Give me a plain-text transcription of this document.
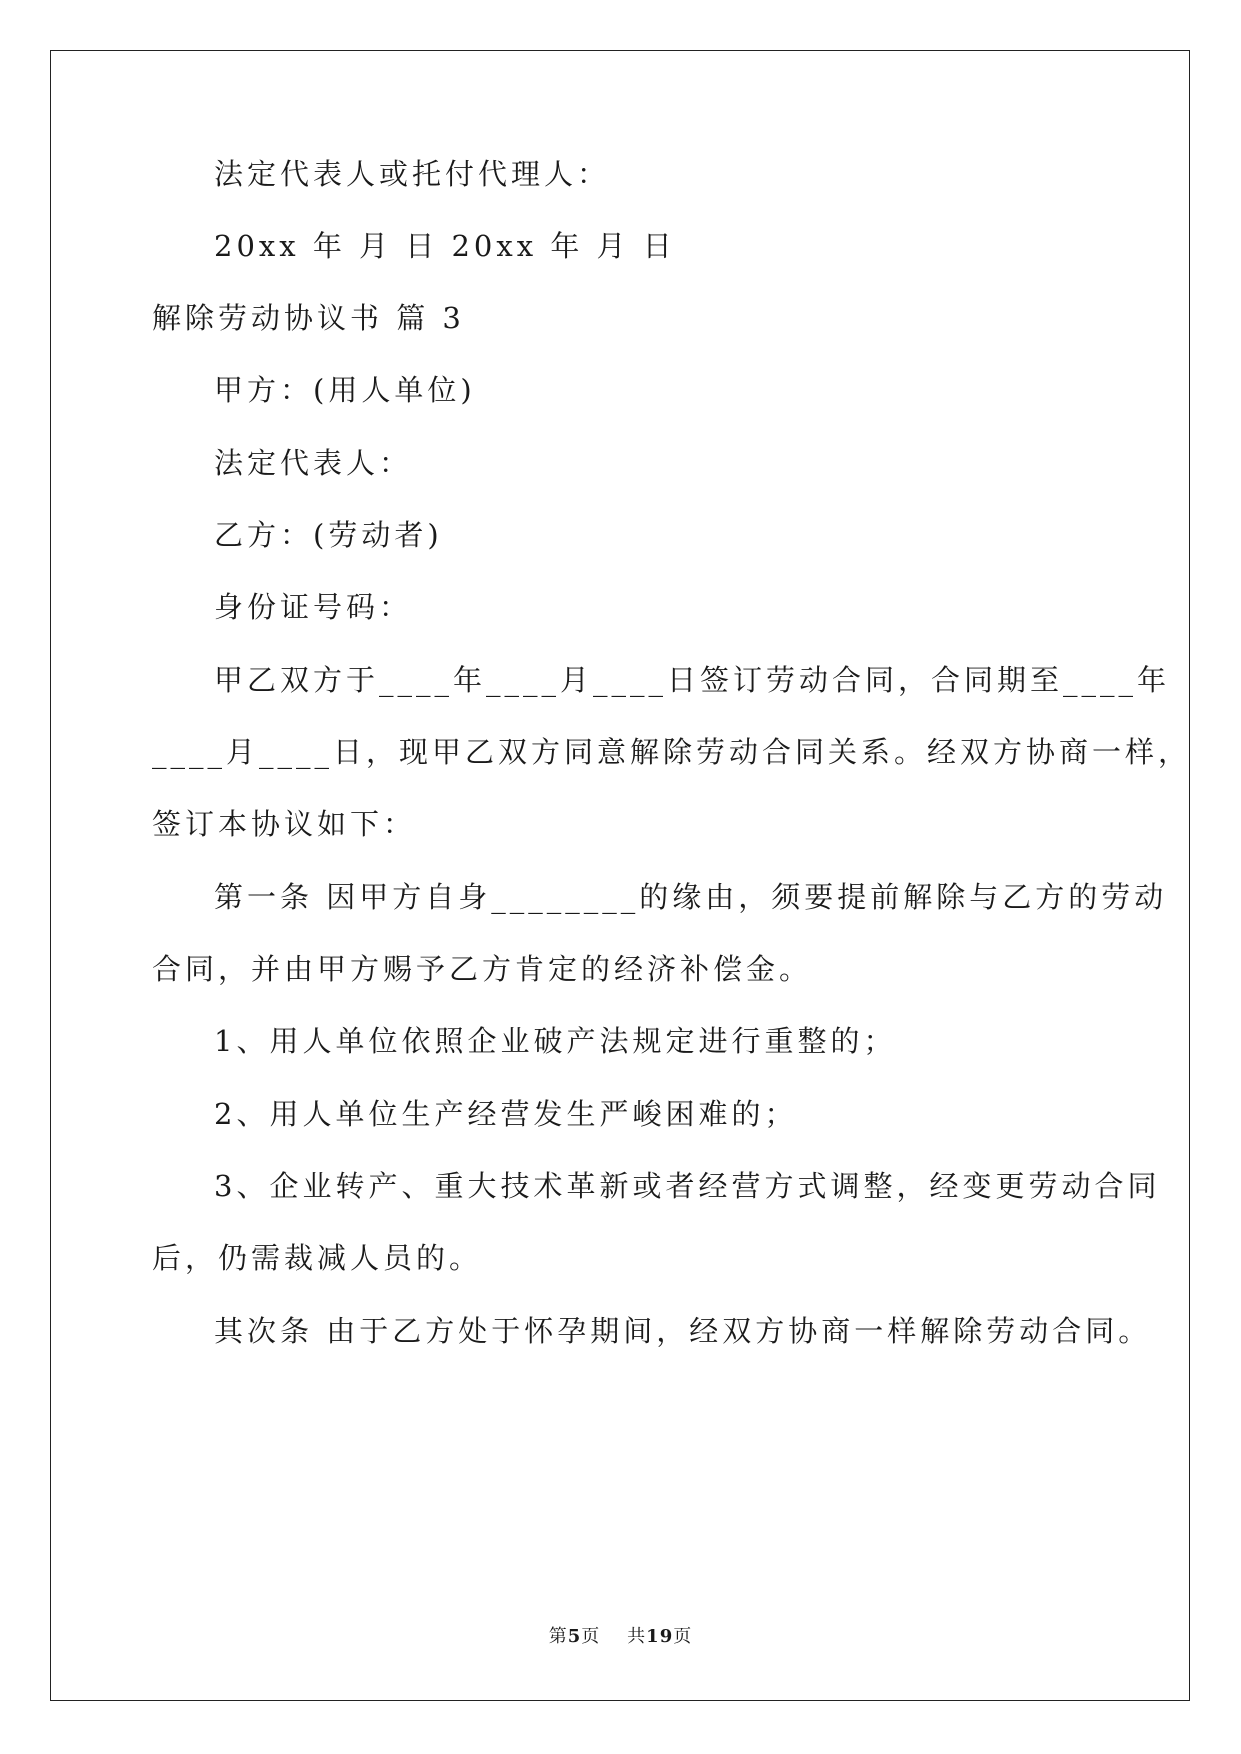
法定代表人或托付代理人：
20xx 年 月 日 20xx 年 月 日
解除劳动协议书 篇 3
甲方：(用人单位)
法定代表人：
乙方：(劳动者)
身份证号码：
甲乙双方于____年____月____日签订劳动合同，合同期至____年
____月____日，现甲乙双方同意解除劳动合同关系。经双方协商一样，
签订本协议如下：
第一条 因甲方自身________的缘由，须要提前解除与乙方的劳动
合同，并由甲方赐予乙方肯定的经济补偿金。
1、用人单位依照企业破产法规定进行重整的；
2、用人单位生产经营发生严峻困难的；
3、企业转产、重大技术革新或者经营方式调整，经变更劳动合同
后，仍需裁减人员的。
其次条 由于乙方处于怀孕期间，经双方协商一样解除劳动合同。
第5页    共19页
